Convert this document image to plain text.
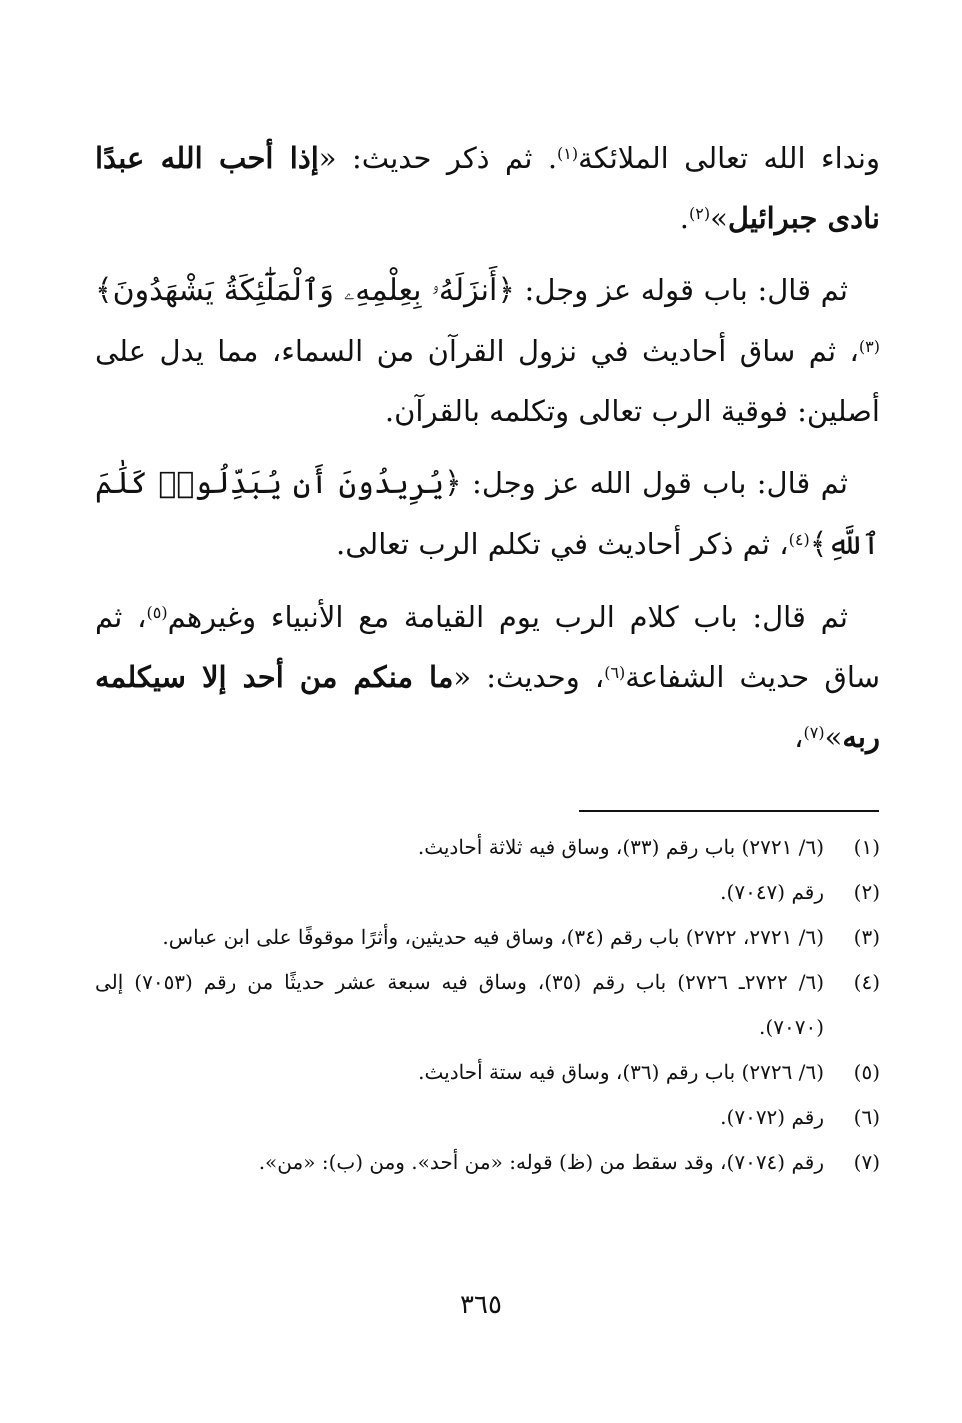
ونداء الله تعالى الملائكة$^{(١)}$. ثم ذكر حديث: «إذا أحب الله عبدًا نادى جبرائيل»$^{(٢)}$.

ثم قال: باب قوله عز وجل: ﴿أَنزَلَهُۥ بِعِلْمِهِۦ وَٱلْمَلَٰٓئِكَةُ يَشْهَدُونَ﴾$^{(٣)}$، ثم ساق أحاديث في نزول القرآن من السماء، مما يدل على أصلين: فوقية الرب تعالى وتكلمه بالقرآن.

ثم قال: باب قول الله عز وجل: ﴿يُرِيدُونَ أَن يُبَدِّلُوا۟ كَلَٰمَ ٱللَّهِ﴾$^{(٤)}$، ثم ذكر أحاديث في تكلم الرب تعالى.

ثم قال: باب كلام الرب يوم القيامة مع الأنبياء وغيرهم$^{(٥)}$، ثم ساق حديث الشفاعة$^{(٦)}$، وحديث: «ما منكم من أحد إلا سيكلمه ربه»$^{(٧)}$،

(١)
(٦/ ٢٧٢١) باب رقم (٣٣)، وساق فيه ثلاثة أحاديث.
(٢)
رقم (٧٠٤٧).
(٣)
(٦/ ٢٧٢١، ٢٧٢٢) باب رقم (٣٤)، وساق فيه حديثين، وأثرًا موقوفًا على ابن عباس.
(٤)
(٦/ ٢٧٢٢ـ ٢٧٢٦) باب رقم (٣٥)، وساق فيه سبعة عشر حديثًا من رقم (٧٠٥٣) إلى (٧٠٧٠).
(٥)
(٦/ ٢٧٢٦) باب رقم (٣٦)، وساق فيه ستة أحاديث.
(٦)
رقم (٧٠٧٢).
(٧)
رقم (٧٠٧٤)، وقد سقط من (ظ) قوله: «من أحد». ومن (ب): «من».
٣٦٥
